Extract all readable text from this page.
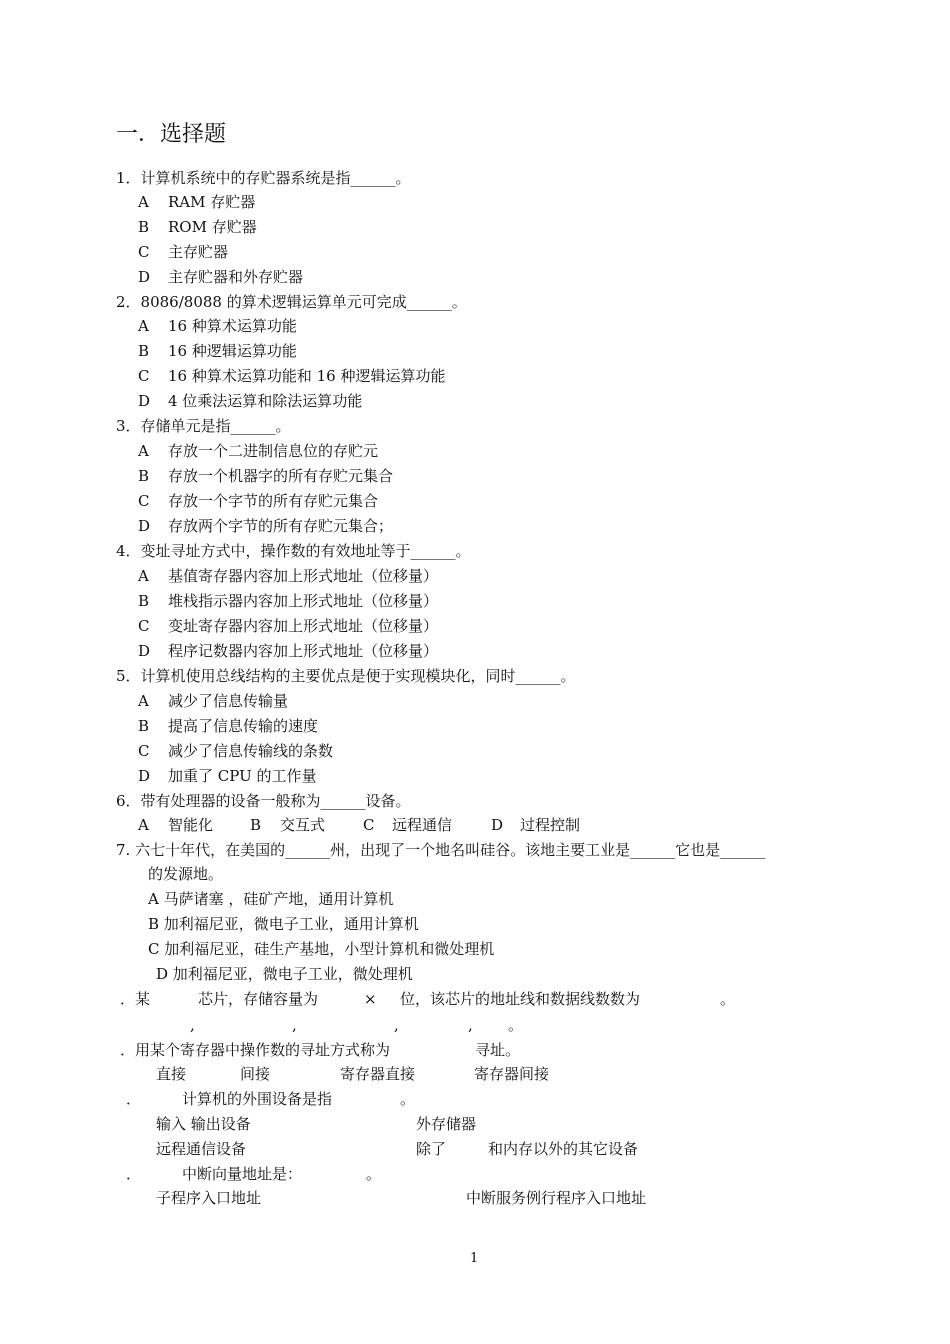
一．选择题
1．计算机系统中的存贮器系统是指______。
A RAM 存贮器
B ROM 存贮器
C 主存贮器
D 主存贮器和外存贮器
2．8086/8088 的算术逻辑运算单元可完成______。
A 16 种算术运算功能
B 16 种逻辑运算功能
C 16 种算术运算功能和 16 种逻辑运算功能
D 4 位乘法运算和除法运算功能
3．存储单元是指______。
A 存放一个二进制信息位的存贮元
B 存放一个机器字的所有存贮元集合
C 存放一个字节的所有存贮元集合
D 存放两个字节的所有存贮元集合；
4．变址寻址方式中，操作数的有效地址等于______。
A 基值寄存器内容加上形式地址（位移量）
B 堆栈指示器内容加上形式地址（位移量）
C 变址寄存器内容加上形式地址（位移量）
D 程序记数器内容加上形式地址（位移量）
5．计算机使用总线结构的主要优点是便于实现模块化，同时______。
A 减少了信息传输量
B 提高了信息传输的速度
C 减少了信息传输线的条数
D 加重了 CPU 的工作量
6．带有处理器的设备一般称为______设备。
A 智能化 B 交互式	C 远程通信	D 过程控制
7. 六七十年代，在美国的______州，出现了一个地名叫硅谷。该地主要工业是______它也是______
的发源地。
A 马萨诸塞 ，硅矿产地，通用计算机
B 加利福尼亚，微电子工业，通用计算机
C 加利福尼亚，硅生产基地，小型计算机和微处理机
D 加利福尼亚，微电子工业，微处理机
．某	芯片，存储容量为	× 位，该芯片的地址线和数据线数数为	。
,	,	,	, 。
．用某个寄存器中操作数的寻址方式称为	寻址。
直接	间接	寄存器直接	寄存器间接
．	计算机的外围设备是指	。
输入 输出设备	外存储器
远程通信设备	除了	和内存以外的其它设备
．	中断向量地址是：	。
子程序入口地址	中断服务例行程序入口地址
1
